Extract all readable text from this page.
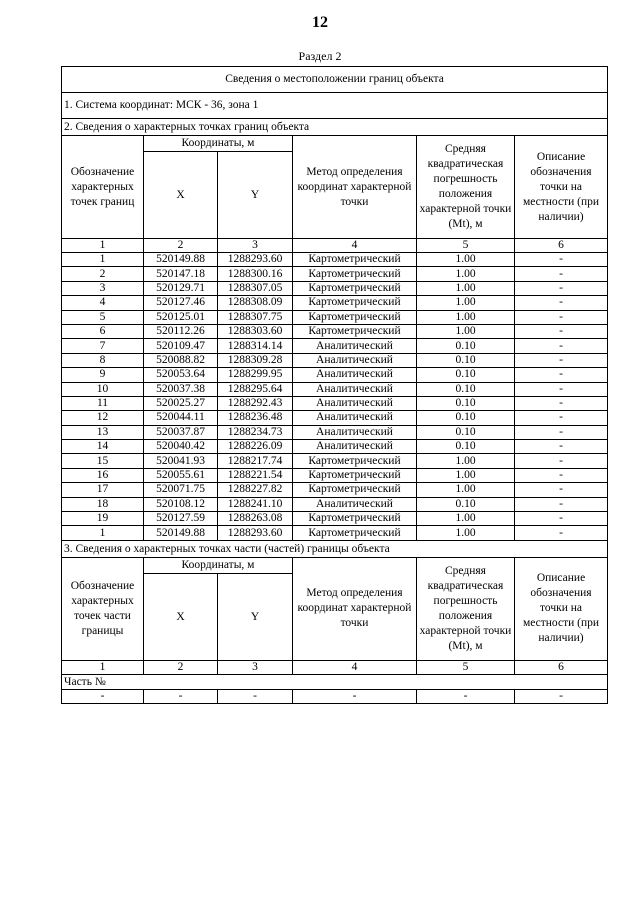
12
Раздел 2
Сведения о местоположении границ объекта					
1. Система координат: МСК - 36, зона 1					
2. Сведения о характерных точках границ объекта					
Обозначение характерных точек границ	Координаты, м		Метод определения координат характерной точки	Средняя квадратическая погрешность положения характерной точки (Mt), м	Описание обозначения точки на местности (при наличии)
	X	Y			
1	2	3	4	5	6
1	520149.88	1288293.60	Картометрический	1.00	-
2	520147.18	1288300.16	Картометрический	1.00	-
3	520129.71	1288307.05	Картометрический	1.00	-
4	520127.46	1288308.09	Картометрический	1.00	-
5	520125.01	1288307.75	Картометрический	1.00	-
6	520112.26	1288303.60	Картометрический	1.00	-
7	520109.47	1288314.14	Аналитический	0.10	-
8	520088.82	1288309.28	Аналитический	0.10	-
9	520053.64	1288299.95	Аналитический	0.10	-
10	520037.38	1288295.64	Аналитический	0.10	-
11	520025.27	1288292.43	Аналитический	0.10	-
12	520044.11	1288236.48	Аналитический	0.10	-
13	520037.87	1288234.73	Аналитический	0.10	-
14	520040.42	1288226.09	Аналитический	0.10	-
15	520041.93	1288217.74	Картометрический	1.00	-
16	520055.61	1288221.54	Картометрический	1.00	-
17	520071.75	1288227.82	Картометрический	1.00	-
18	520108.12	1288241.10	Аналитический	0.10	-
19	520127.59	1288263.08	Картометрический	1.00	-
1	520149.88	1288293.60	Картометрический	1.00	-
3. Сведения о характерных точках части (частей) границы объекта					
Обозначение характерных точек части границы	Координаты, м		Метод определения координат характерной точки	Средняя квадратическая погрешность положения характерной точки (Mt), м	Описание обозначения точки на местности (при наличии)
	X	Y			
1	2	3	4	5	6
Часть №					
-	-	-	-	-	-
